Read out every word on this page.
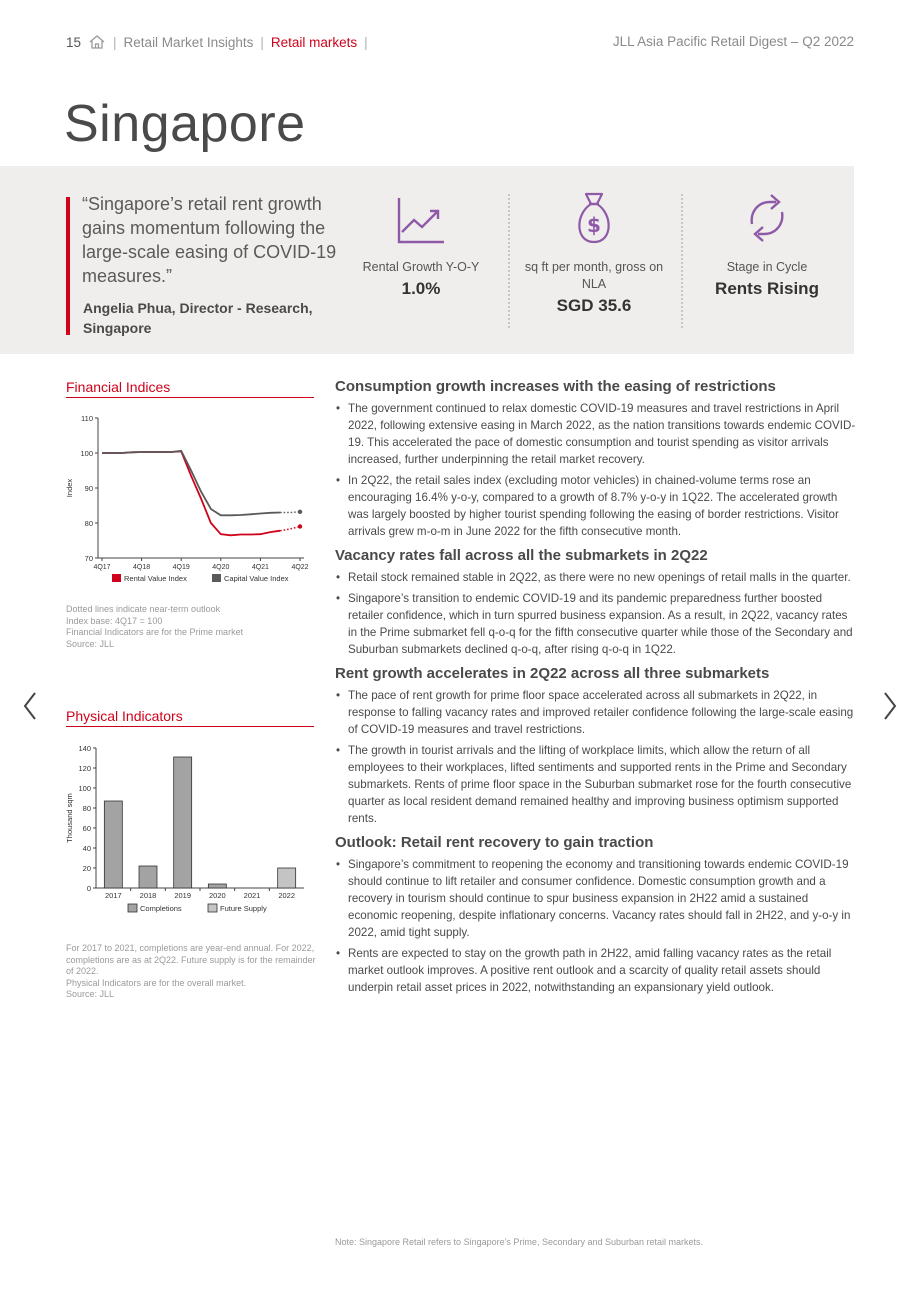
15 | Retail Market Insights | Retail markets |	JLL Asia Pacific Retail Digest – Q2 2022
Singapore
“Singapore’s retail rent growth gains momentum following the large-scale easing of COVID-19 measures.”
Angelia Phua, Director - Research, Singapore
Rental Growth Y-O-Y
1.0%
$
sq ft per month, gross on NLA
SGD 35.6
Stage in Cycle
Rents Rising
Financial Indices
70
80
90
100
110
Index
4Q17	4Q18	4Q19	4Q20	4Q21	4Q22
Rental Value Index	Capital Value Index
Dotted lines indicate near-term outlook
Index base: 4Q17 = 100
Financial Indicators are for the Prime market
Source: JLL
Physical Indicators
0
20
40
60
80
100
120
140
Thousand sqm
2017 2018 2019 2020 2021 2022
Completions	Future Supply
For 2017 to 2021, completions are year-end annual. For 2022, completions are as at 2Q22. Future supply is for the remainder of 2022.
Physical Indicators are for the overall market.
Source: JLL
Consumption growth increases with the easing of restrictions
• The government continued to relax domestic COVID-19 measures and travel restrictions in April 2022, following extensive easing in March 2022, as the nation transitions towards endemic COVID-19. This accelerated the pace of domestic consumption and tourist spending as visitor arrivals increased, further underpinning the retail market recovery.
• In 2Q22, the retail sales index (excluding motor vehicles) in chained-volume terms rose an encouraging 16.4% y-o-y, compared to a growth of 8.7% y-o-y in 1Q22. The accelerated growth was largely boosted by higher tourist spending following the easing of border restrictions. Visitor arrivals grew m-o-m in June 2022 for the fifth consecutive month.
Vacancy rates fall across all the submarkets in 2Q22
• Retail stock remained stable in 2Q22, as there were no new openings of retail malls in the quarter.
• Singapore’s transition to endemic COVID-19 and its pandemic preparedness further boosted retailer confidence, which in turn spurred business expansion. As a result, in 2Q22, vacancy rates in the Prime submarket fell q-o-q for the fifth consecutive quarter while those of the Secondary and Suburban submarkets declined q-o-q, after rising q-o-q in 1Q22.
Rent growth accelerates in 2Q22 across all three submarkets
• The pace of rent growth for prime floor space accelerated across all submarkets in 2Q22, in response to falling vacancy rates and improved retailer confidence following the large-scale easing of COVID-19 measures and travel restrictions.
• The growth in tourist arrivals and the lifting of workplace limits, which allow the return of all employees to their workplaces, lifted sentiments and supported rents in the Prime and Secondary submarkets. Rents of prime floor space in the Suburban submarket rose for the fourth consecutive quarter as local resident demand remained healthy and improving business optimism supported rents.
Outlook: Retail rent recovery to gain traction
• Singapore’s commitment to reopening the economy and transitioning towards endemic COVID-19 should continue to lift retailer and consumer confidence. Domestic consumption growth and a recovery in tourism should continue to spur business expansion in 2H22 amid a sustained economic reopening, despite inflationary concerns. Vacancy rates should fall in 2H22, and y-o-y in 2022, amid tight supply.
• Rents are expected to stay on the growth path in 2H22, amid falling vacancy rates as the retail market outlook improves. A positive rent outlook and a scarcity of quality retail assets should underpin retail asset prices in 2022, notwithstanding an expansionary yield outlook.
Note: Singapore Retail refers to Singapore’s Prime, Secondary and Suburban retail markets.
